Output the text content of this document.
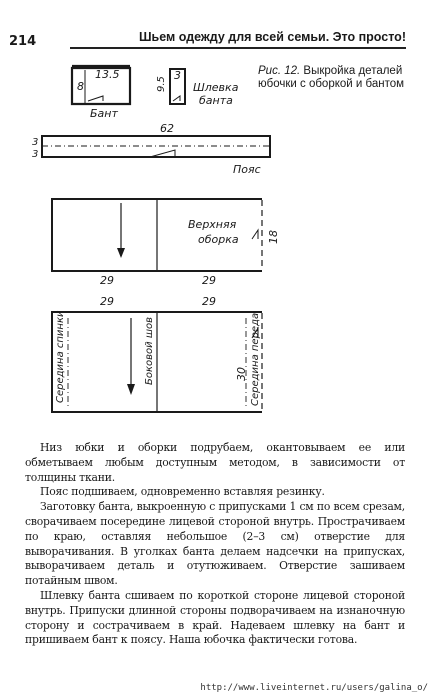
214	Шьем одежду для всей семьи. Это просто!
Рис. 12. Выкройка деталей юбочки с оборкой и бантом
13.5
8
Бант
3
9.5 Шлевка
банта
62
3
3
Пояс
Верхняя
оборка	18
29	29
29	29
Середина спинки	Боковой шов	30 Середина переда

Низ юбки и оборки подрубаем, окантовываем ее или обметываем любым доступным методом, в зависимости от толщины ткани.

Пояс подшиваем, одновременно вставляя резинку.

Заготовку банта, выкроенную с припусками 1 см по всем срезам, сворачиваем посередине лицевой стороной внутрь. Прострачиваем по краю, оставляя небольшое (2–3 см) отверстие для выворачивания. В уголках банта делаем надсечки на припусках, выворачиваем деталь и отутюживаем. Отверстие зашиваем потайным швом.

Шлевку банта сшиваем по короткой стороне лицевой стороной внутрь. Припуски длинной стороны подворачиваем на изнаночную сторону и сострачиваем в край. Надеваем шлевку на бант и пришиваем бант к поясу. Наша юбочка фактически готова.

http://www.liveinternet.ru/users/galina_o/
